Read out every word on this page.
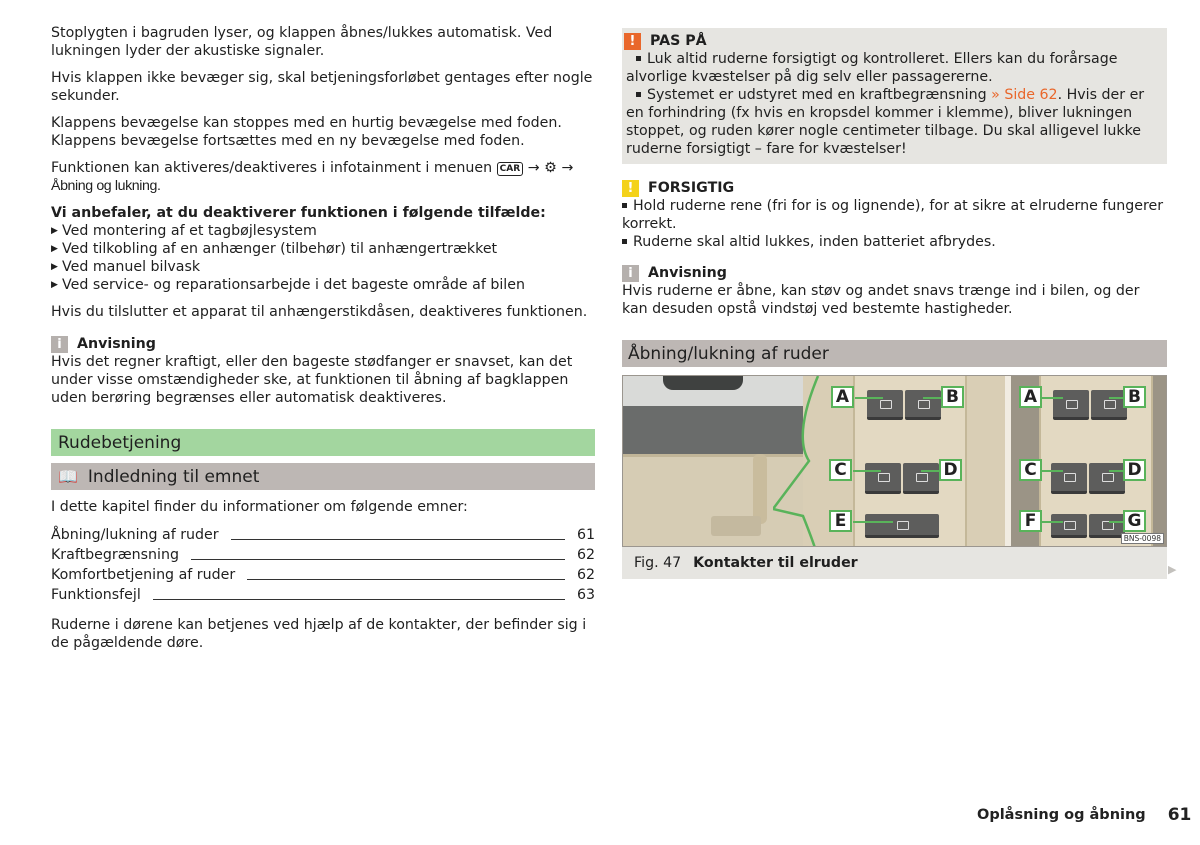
Stoplygten i bagruden lyser, og klappen åbnes/lukkes automatisk. Ved lukningen lyder der akustiske signaler.

Hvis klappen ikke bevæger sig, skal betjeningsforløbet gentages efter nogle sekunder.

Klappens bevægelse kan stoppes med en hurtig bevægelse med foden. Klappens bevægelse fortsættes med en ny bevægelse med foden.

Funktionen kan aktiveres/deaktiveres i infotainment i menuen CAR → ⚙ → Åbning og lukning.

Vi anbefaler, at du deaktiverer funktionen i følgende tilfælde:
▶ Ved montering af et tagbøjlesystem
▶ Ved tilkobling af en anhænger (tilbehør) til anhængertrækket
▶ Ved manuel bilvask
▶ Ved service- og reparationsarbejde i det bageste område af bilen

Hvis du tilslutter et apparat til anhængerstikdåsen, deaktiveres funktionen.

i	Anvisning
Hvis det regner kraftigt, eller den bageste stødfanger er snavset, kan det under visse omstændigheder ske, at funktionen til åbning af bagklappen uden berøring begrænses eller automatisk deaktiveres.
Rudebetjening
📖 Indledning til emnet

I dette kapitel finder du informationer om følgende emner:

Åbning/lukning af ruder	61
Kraftbegrænsning	62
Komfortbetjening af ruder	62
Funktionsfejl	63

Ruderne i dørene kan betjenes ved hjælp af de kontakter, der befinder sig i de pågældende døre.

!	PAS PÅ
Luk altid ruderne forsigtigt og kontrolleret. Ellers kan du forårsage alvorlige kvæstelser på dig selv eller passagererne.
Systemet er udstyret med en kraftbegrænsning » Side 62. Hvis der er en forhindring (fx hvis en kropsdel kommer i klemme), bliver lukningen stoppet, og ruden kører nogle centimeter tilbage. Du skal alligevel lukke ruderne forsigtigt – fare for kvæstelser!
!	FORSIGTIG
Hold ruderne rene (fri for is og lignende), for at sikre at elruderne fungerer korrekt.
Ruderne skal altid lukkes, inden batteriet afbrydes.
i	Anvisning
Hvis ruderne er åbne, kan støv og andet snavs trænge ind i bilen, og der kan desuden opstå vindstøj ved bestemte hastigheder.
Åbning/lukning af ruder
A	B
C	D
E
A	B
C	D
F	G
BNS-0098
Fig. 47 Kontakter til elruder	▶
Oplåsning og åbning 61
